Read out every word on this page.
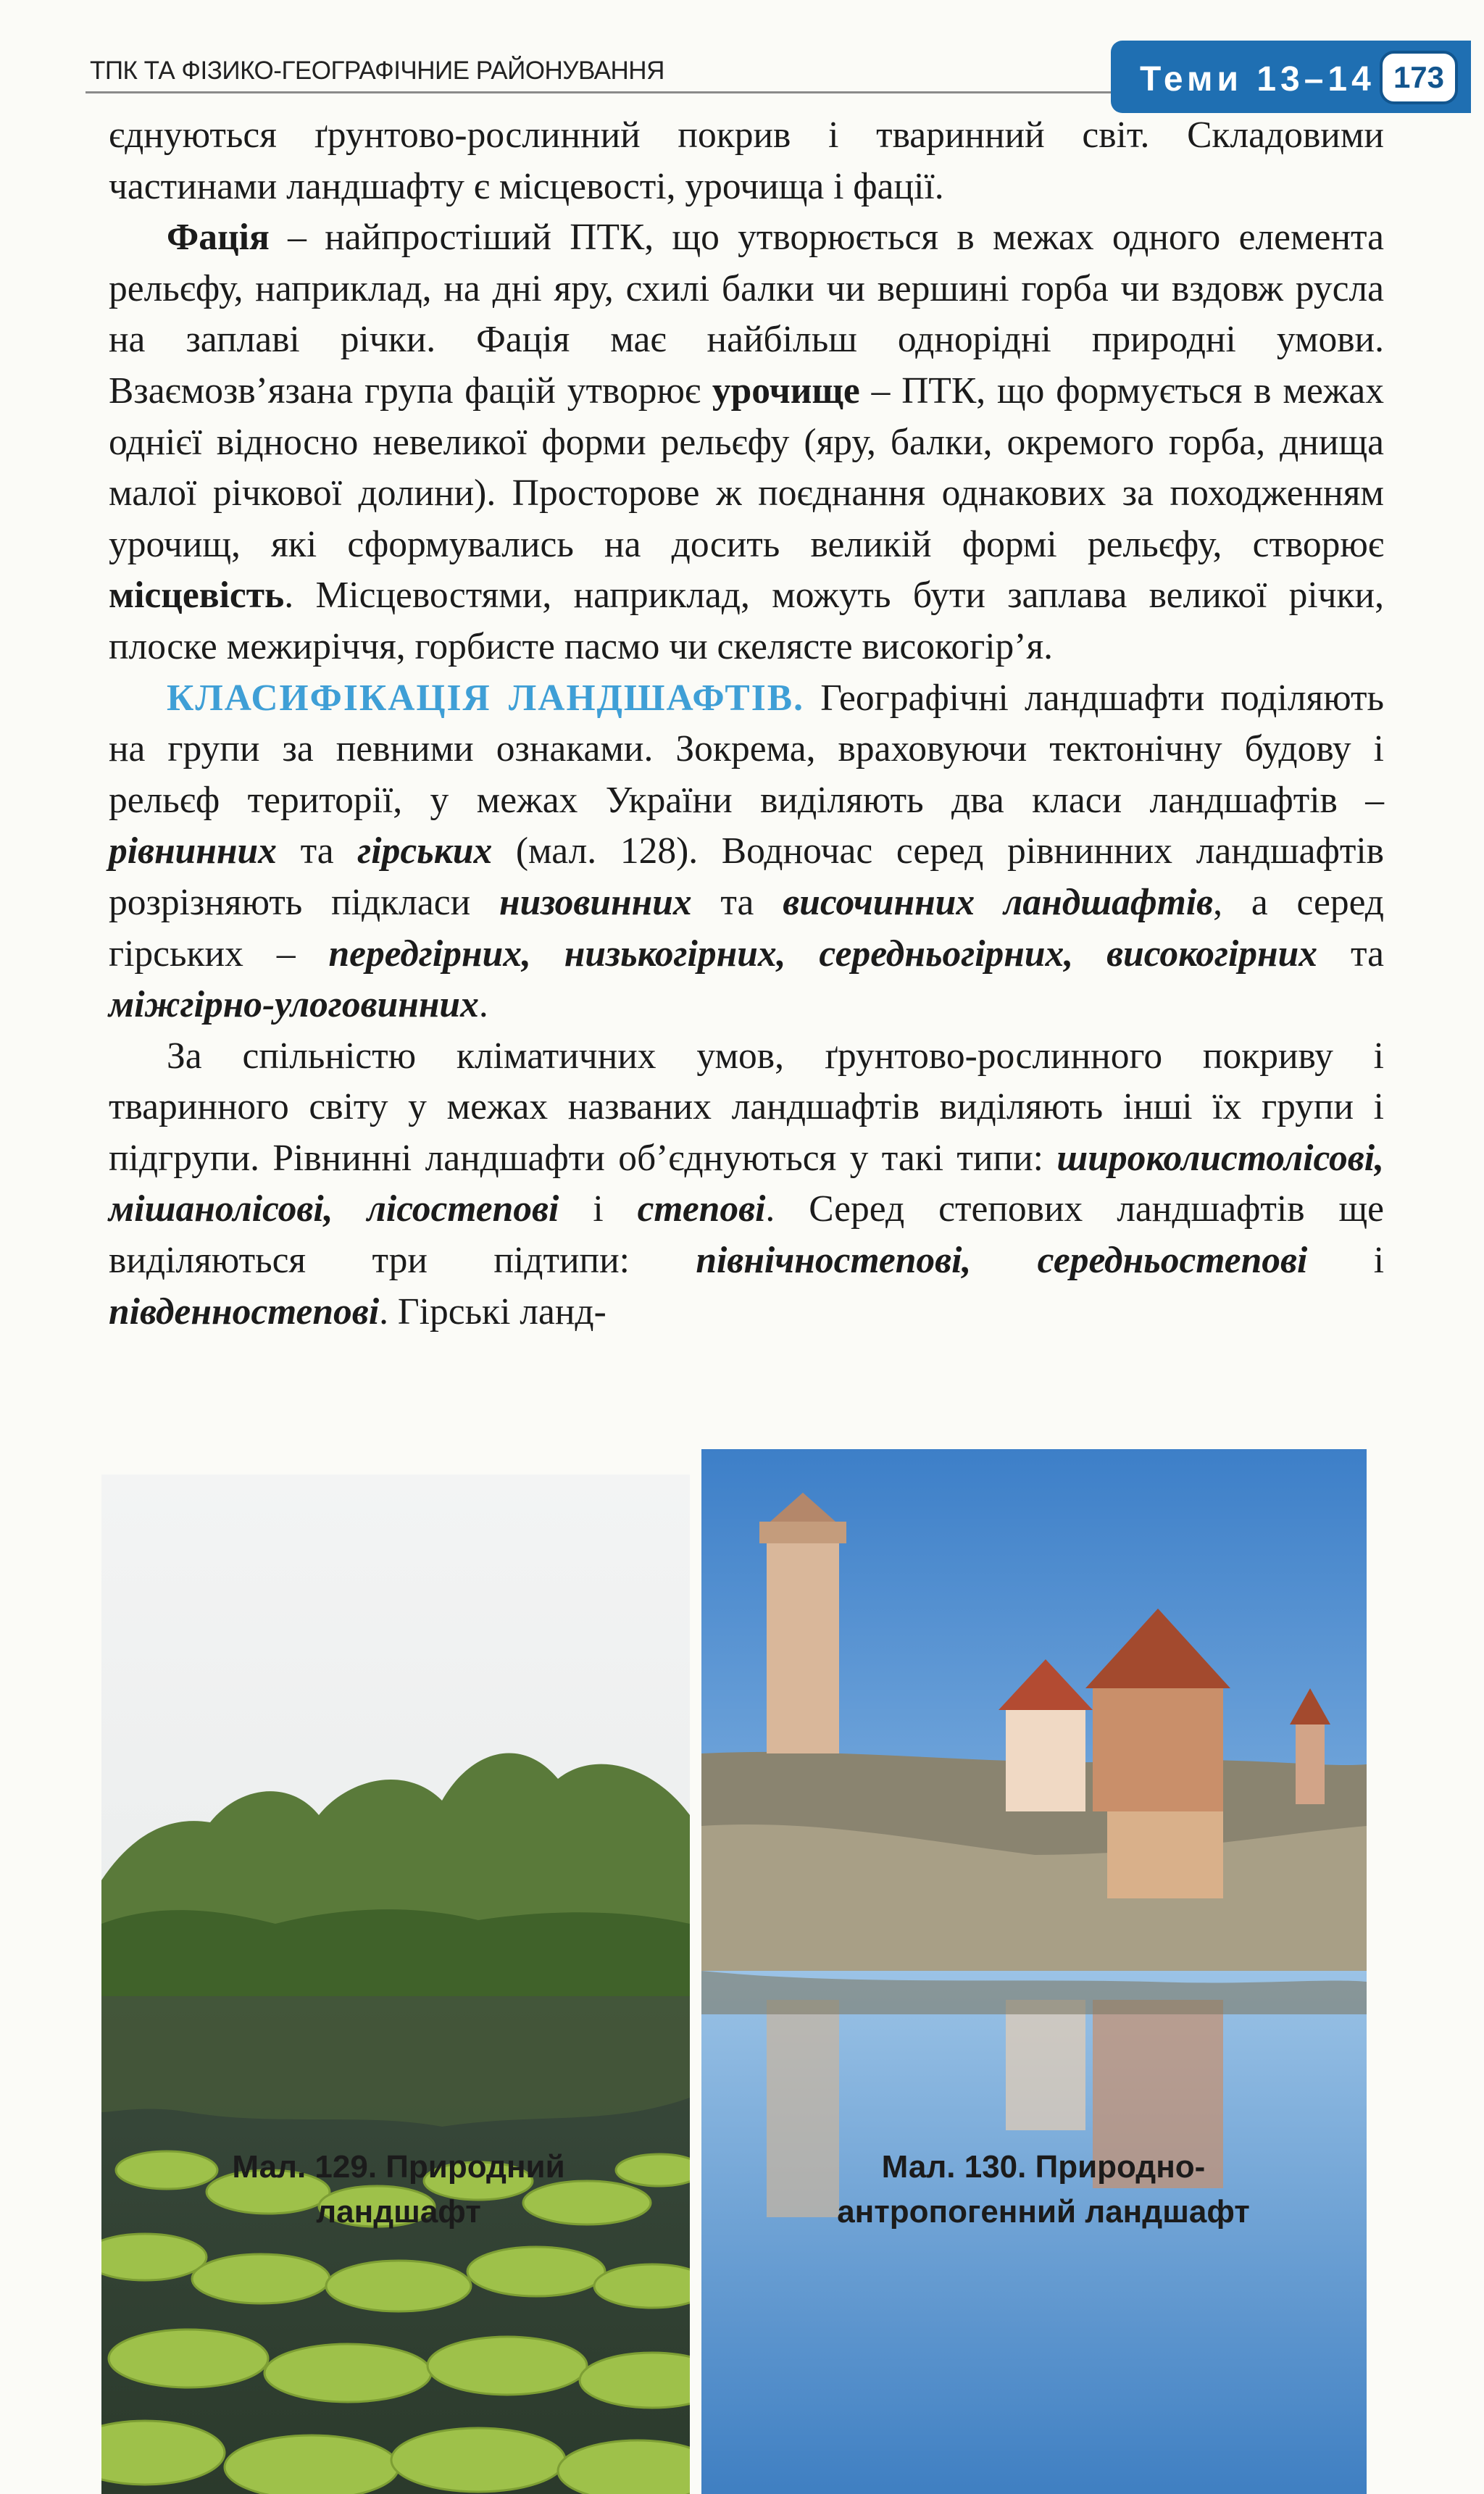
ТПК ТА ФІЗИКО-ГЕОГРАФІЧНИЕ РАЙОНУВАННЯ	Теми 13–14 173

єднуються ґрунтово-рослинний покрив і тваринний світ. Складовими частинами ландшафту є місцевості, урочища і фації.

Фація – найпростіший ПТК, що утворюється в межах одного елемента рельєфу, наприклад, на дні яру, схилі балки чи вершині горба чи вздовж русла на заплаві річки. Фація має найбільш однорідні природні умови. Взаємозв’язана група фацій утворює урочище – ПТК, що формується в межах однієї відносно невеликої форми рельєфу (яру, балки, окремого горба, днища малої річкової долини). Просторове ж поєднання однакових за походженням урочищ, які сформувались на досить великій формі рельєфу, створює місцевість. Місцевостями, наприклад, можуть бути заплава великої річки, плоске межиріччя, горбисте пасмо чи скелясте високогір’я.

КЛАСИФІКАЦІЯ ЛАНДШАФТІВ. Географічні ландшафти поділяють на групи за певними ознаками. Зокрема, враховуючи тектонічну будову і рельєф території, у межах України виділяють два класи ландшафтів – рівнинних та гірських (мал. 128). Водночас серед рівнинних ландшафтів розрізняють підкласи низовинних та височинних ландшафтів, а серед гірських – передгірних, низькогірних, середньогірних, високогірних та міжгірно-улоговинних.

За спільністю кліматичних умов, ґрунтово-рослинного покриву і тваринного світу у межах названих ландшафтів виділяють інші їх групи і підгрупи. Рівнинні ландшафти об’єднуються у такі типи: широколистолісові, мішанолісові, лісостепові і степові. Серед степових ландшафтів ще виділяються три підтипи: північностепові, середньостепові і південностепові. Гірські ланд-

Мал. 129. Природний
ландшафт
Мал. 130. Природно-
антропогенний ландшафт
